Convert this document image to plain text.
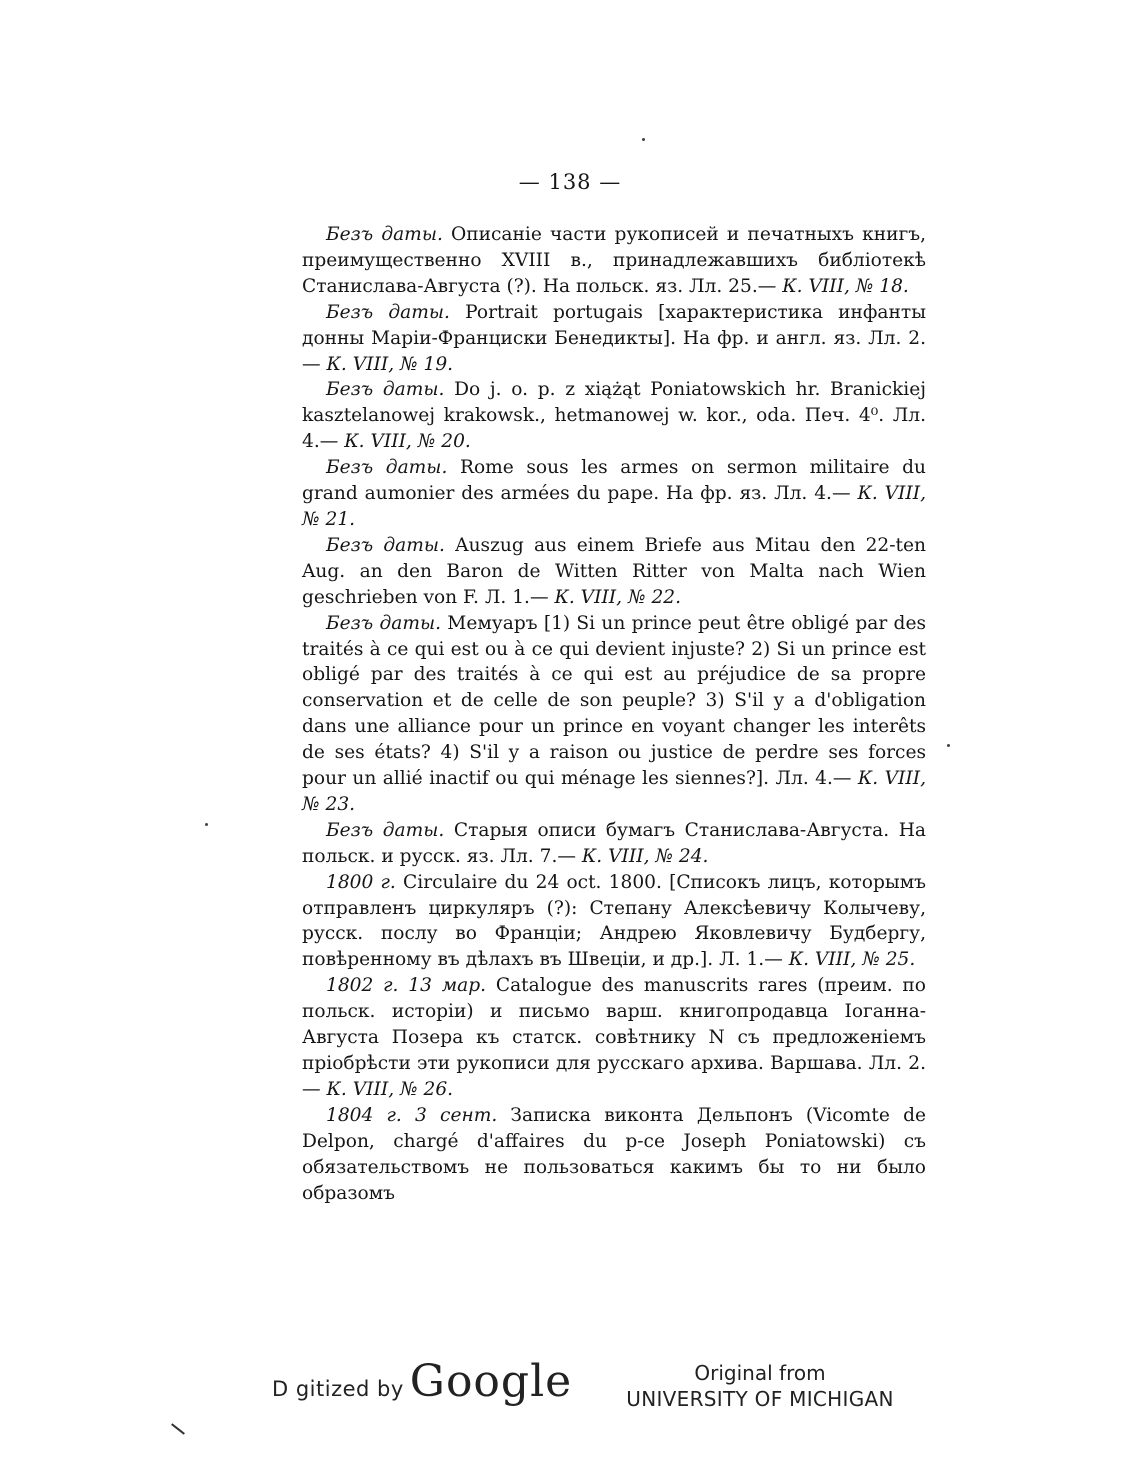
— 138 —

Безъ даты. Описаніе части рукописей и печатныхъ книгъ, преимущественно XVIII в., принадлежавшихъ библіотекѣ Станислава-Августа (?). На польск. яз. Лл. 25.— К. VIII, № 18.

Безъ даты. Portrait portugais [характеристика инфанты донны Маріи-Франциски Бенедикты]. На фр. и англ. яз. Лл. 2.— К. VIII, № 19.

Безъ даты. Do j. o. p. z xiążąt Poniatowskich hr. Branickiej kasztelanowej krakowsk., hetmanowej w. kor., oda. Печ. 4⁰. Лл. 4.— К. VIII, № 20.

Безъ даты. Rome sous les armes on sermon militaire du grand aumonier des armées du pape. На фр. яз. Лл. 4.— К. VIII, № 21.

Безъ даты. Auszug aus einem Briefe aus Mitau den 22-ten Aug. an den Baron de Witten Ritter von Malta nach Wien geschrieben von F. Л. 1.— К. VIII, № 22.

Безъ даты. Мемуаръ [1) Si un prince peut être obligé par des traités à ce qui est ou à ce qui devient injuste? 2) Si un prince est obligé par des traités à ce qui est au préjudice de sa propre conservation et de celle de son peuple? 3) S'il y a d'obligation dans une alliance pour un prince en voyant changer les interêts de ses états? 4) S'il y a raison ou justice de perdre ses forces pour un allié inactif ou qui ménage les siennes?]. Лл. 4.— К. VIII, № 23.

Безъ даты. Старыя описи бумагъ Станислава-Августа. На польск. и русск. яз. Лл. 7.— К. VIII, № 24.

1800 г. Circulaire du 24 oct. 1800. [Списокъ лицъ, которымъ отправленъ циркуляръ (?): Степану Алексѣевичу Колычеву, русск. послу во Франціи; Андрею Яковлевичу Будбергу, повѣренному въ дѣлахъ въ Швеціи, и др.]. Л. 1.— К. VIII, № 25.

1802 г. 13 мар. Catalogue des manuscrits rares (преим. по польск. исторіи) и письмо варш. книгопродавца Іоганна-Августа Позера къ статск. совѣтнику N съ предложеніемъ пріобрѣсти эти рукописи для русскаго архива. Варшава. Лл. 2.— К. VIII, № 26.

1804 г. 3 сент. Записка виконта Дельпонъ (Vicomte de Delpon, chargé d'affaires du p-ce Joseph Poniatowski) съ обязательствомъ не пользоваться какимъ бы то ни было образомъ

D gitized by Google	Original from
UNIVERSITY OF MICHIGAN
